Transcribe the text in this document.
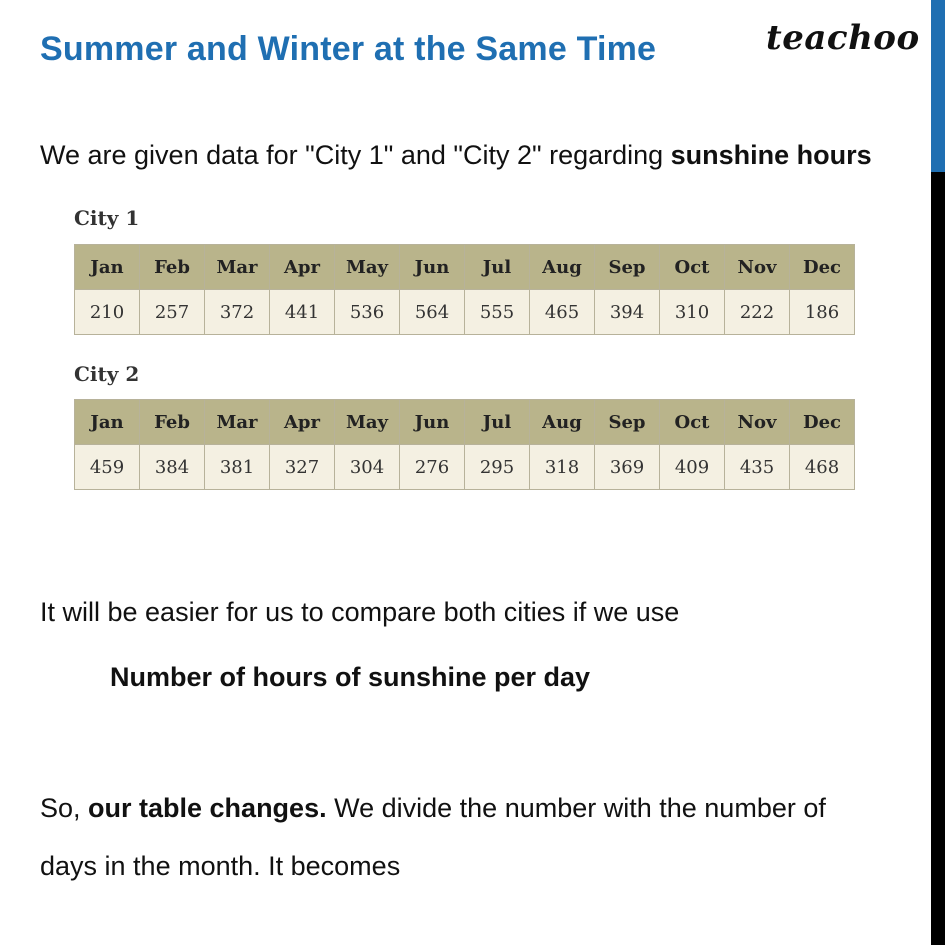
Summer and Winter at the Same Time	teachoo

We are given data for "City 1" and "City 2" regarding sunshine hours

City 1
Jan	Feb	Mar	Apr	May	Jun	Jul	Aug	Sep	Oct	Nov	Dec
210	257	372	441	536	564	555	465	394	310	222	186
City 2
Jan	Feb	Mar	Apr	May	Jun	Jul	Aug	Sep	Oct	Nov	Dec
459	384	381	327	304	276	295	318	369	409	435	468

It will be easier for us to compare both cities if we use

Number of hours of sunshine per day

So, our table changes. We divide the number with the number of

days in the month. It becomes
